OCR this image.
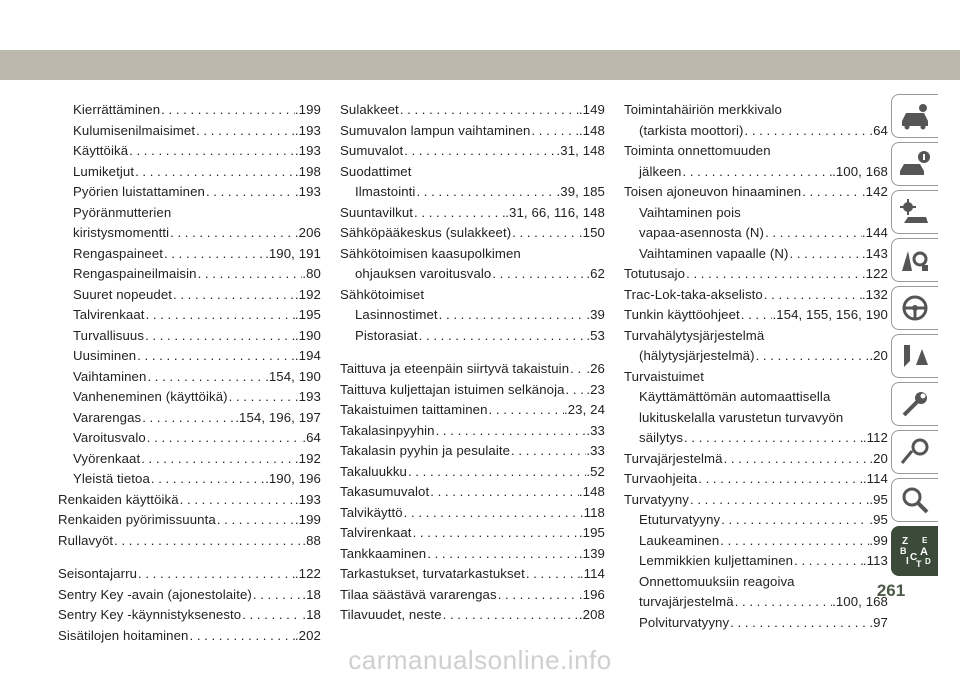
Kierrättäminen . . .	.199
Kulumisenilmaisimet . . .	.193
Käyttöikä . . .	.193
Lumiketjut . . .	.198
Pyörien luistattaminen . . .	.193
Pyöränmutterien
kiristysmomentti . . .	.206
Rengaspaineet . . .	.190, 191
Rengaspaineilmaisin . . .	.80
Suuret nopeudet . . .	.192
Talvirenkaat . . .	.195
Turvallisuus . . .	.190
Uusiminen . . .	.194
Vaihtaminen . . .	.154, 190
Vanheneminen (käyttöikä) . . .	.193
Vararengas . . .	.154, 196, 197
Varoitusvalo . . .	.64
Vyörenkaat . . .	.192
Yleistä tietoa . . .	.190, 196
Renkaiden käyttöikä . . .	.193
Renkaiden pyörimissuunta . . .	.199
Rullavyöt . . .	.88
Seisontajarru . . .	.122
Sentry Key -avain (ajonestolaite) . . .	.18
Sentry Key -käynnistyksenesto . . .	.18
Sisätilojen hoitaminen . . .	.202
Sulakkeet . . .	.149
Sumuvalon lampun vaihtaminen . . .	.148
Sumuvalot . . .	.31, 148
Suodattimet
Ilmastointi . . .	.39, 185
Suuntavilkut . . .	.31, 66, 116, 148
Sähköpääkeskus (sulakkeet) . . .	.150
Sähkötoimisen kaasupolkimen
ohjauksen varoitusvalo . . .	.62
Sähkötoimiset
Lasinnostimet . . .	.39
Pistorasiat . . .	.53
Taittuva ja eteenpäin siirtyvä takaistuin . . . .26
Taittuva kuljettajan istuimen selkänoja . . . .23
Takaistuimen taittaminen . . .	.23, 24
Takalasinpyyhin . . .	.33
Takalasin pyyhin ja pesulaite . . .	.33
Takaluukku . . .	.52
Takasumuvalot . . .	.148
Talvikäyttö . . .	.118
Talvirenkaat . . .	.195
Tankkaaminen . . .	.139
Tarkastukset, turvatarkastukset . . .	.114
Tilaa säästävä vararengas . . .	.196
Tilavuudet, neste . . .	.208
Toimintahäiriön merkkivalo
(tarkista moottori) . . .	.64
Toiminta onnettomuuden
jälkeen . . .	.100, 168
Toisen ajoneuvon hinaaminen . . .	.142
Vaihtaminen pois
vapaa-asennosta (N) . . .	.144
Vaihtaminen vapaalle (N) . . .	.143
Totutusajo . . .	.122
Trac-Lok-taka-akselisto . . .	.132
Tunkin käyttöohjeet . . . .154, 155, 156, 190
Turvahälytysjärjestelmä
(hälytysjärjestelmä) . . .	.20
Turvaistuimet
Käyttämättömän automaattisella
lukituskelalla varustetun turvavyön
säilytys . . .	.112
Turvajärjestelmä . . .	.20
Turvaohjeita . . .	.114
Turvatyyny . . .	.95
Etuturvatyyny . . .	.95
Laukeaminen . . .	.99
Lemmikkien kuljettaminen . . .	.113
Onnettomuuksiin reagoiva
turvajärjestelmä . . .	.100, 168
Polviturvatyyny . . .	.97
Z E
B A
I C
T D
261
carmanualsonline.info
